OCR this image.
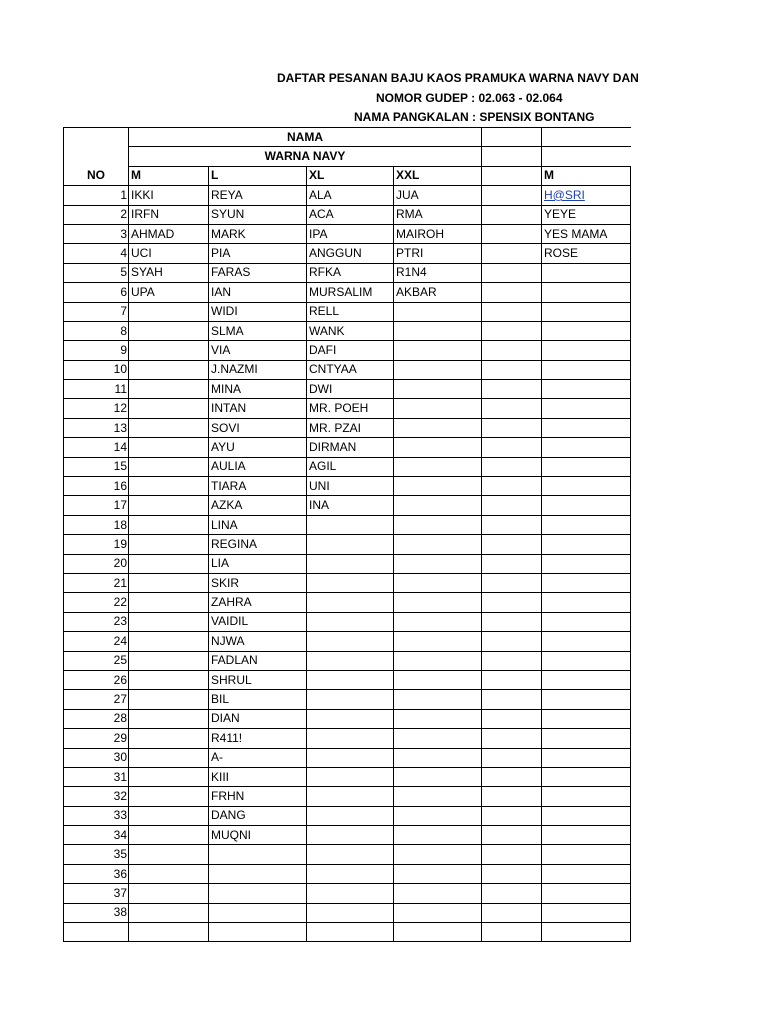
DAFTAR PESANAN BAJU KAOS PRAMUKA WARNA NAVY DAN
NOMOR GUDEP : 02.063 - 02.064
NAMA PANGKALAN : SPENSIX BONTANG
	NAMA					
	WARNA NAVY					
NO	M	L	XL	XXL		M
1	IKKI	REYA	ALA	JUA		H@SRI
2	IRFN	SYUN	ACA	RMA		YEYE
3	AHMAD	MARK	IPA	MAIROH		YES MAMA
4	UCI	PIA	ANGGUN	PTRI		ROSE
5	SYAH	FARAS	RFKA	R1N4		
6	UPA	IAN	MURSALIM	AKBAR		
7		WIDI	RELL			
8		SLMA	WANK			
9		VIA	DAFI			
10		J.NAZMI	CNTYAA			
11		MINA	DWI			
12		INTAN	MR. POEH			
13		SOVI	MR. PZAI			
14		AYU	DIRMAN			
15		AULIA	AGIL			
16		TIARA	UNI			
17		AZKA	INA			
18		LINA				
19		REGINA				
20		LIA				
21		SKIR				
22		ZAHRA				
23		VAIDIL				
24		NJWA				
25		FADLAN				
26		SHRUL				
27		BIL				
28		DIAN				
29		R411!				
30		A-				
31		KIII				
32		FRHN				
33		DANG				
34		MUQNI				
35						
36						
37						
38						
